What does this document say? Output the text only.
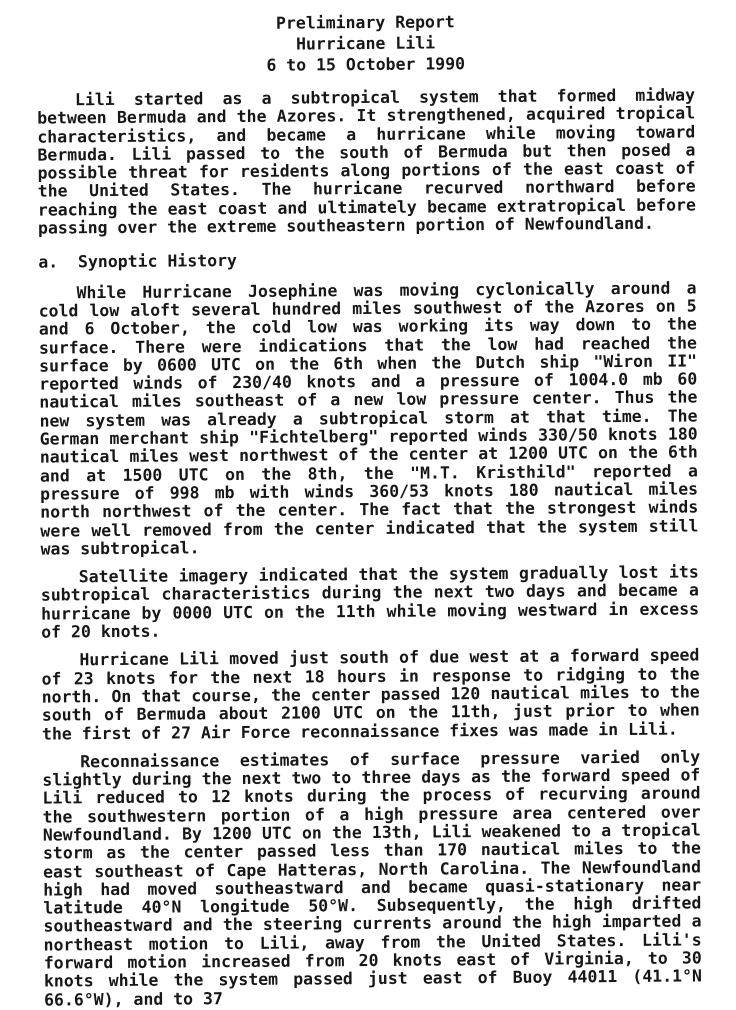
Preliminary Report
Hurricane Lili
6 to 15 October 1990

Lili started as a subtropical system that formed midway between Bermuda and the Azores. It strengthened, acquired tropical characteristics, and became a hurricane while moving toward Bermuda. Lili passed to the south of Bermuda but then posed a possible threat for residents along portions of the east coast of the United States. The hurricane recurved northward before reaching the east coast and ultimately became extratropical before passing over the extreme southeastern portion of Newfoundland.

a.  Synoptic History

While Hurricane Josephine was moving cyclonically around a cold low aloft several hundred miles southwest of the Azores on 5 and 6 October, the cold low was working its way down to the surface. There were indications that the low had reached the surface by 0600 UTC on the 6th when the Dutch ship "Wiron II" reported winds of 230/40 knots and a pressure of 1004.0 mb 60 nautical miles southeast of a new low pressure center. Thus the new system was already a subtropical storm at that time. The German merchant ship "Fichtelberg" reported winds 330/50 knots 180 nautical miles west northwest of the center at 1200 UTC on the 6th and at 1500 UTC on the 8th, the "M.T. Kristhild" reported a pressure of 998 mb with winds 360/53 knots 180 nautical miles north northwest of the center. The fact that the strongest winds were well removed from the center indicated that the system still was subtropical.

Satellite imagery indicated that the system gradually lost its subtropical characteristics during the next two days and became a hurricane by 0000 UTC on the 11th while moving westward in excess of 20 knots.

Hurricane Lili moved just south of due west at a forward speed of 23 knots for the next 18 hours in response to ridging to the north. On that course, the center passed 120 nautical miles to the south of Bermuda about 2100 UTC on the 11th, just prior to when the first of 27 Air Force reconnaissance fixes was made in Lili.

Reconnaissance estimates of surface pressure varied only slightly during the next two to three days as the forward speed of Lili reduced to 12 knots during the process of recurving around the southwestern portion of a high pressure area centered over Newfoundland. By 1200 UTC on the 13th, Lili weakened to a tropical storm as the center passed less than 170 nautical miles to the east southeast of Cape Hatteras, North Carolina. The Newfoundland high had moved southeastward and became quasi-stationary near latitude 40°N longitude 50°W. Subsequently, the high drifted southeastward and the steering currents around the high imparted a northeast motion to Lili, away from the United States. Lili's forward motion increased from 20 knots east of Virginia, to 30 knots while the system passed just east of Buoy 44011 (41.1°N 66.6°W), and to 37
